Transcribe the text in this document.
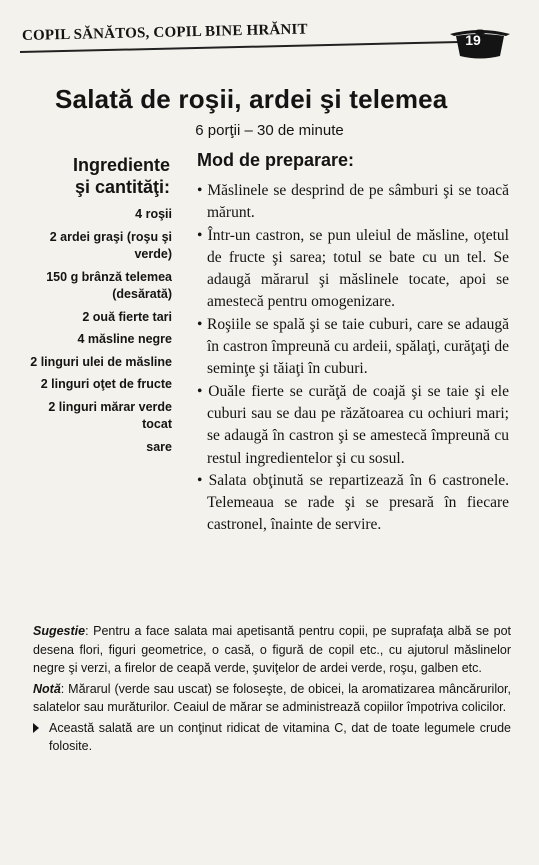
COPIL SĂNĂTOS, COPIL BINE HRĂNIT	19
Salată de roşii, ardei şi telemea
6 porţii – 30 de minute
Ingrediente
şi cantităţi:
4 roşii
2 ardei graşi (roşu şi verde)
150 g brânză telemea (desărată)
2 ouă fierte tari
4 măsline negre
2 linguri ulei de măsline
2 linguri oţet de fructe
2 linguri mărar verde tocat
sare
Mod de preparare:
• Măslinele se desprind de pe sâmburi şi se toacă mărunt.
• Într-un castron, se pun uleiul de măsline, oţetul de fructe şi sarea; totul se bate cu un tel. Se adaugă mărarul şi măslinele tocate, apoi se amestecă pentru omogenizare.
• Roşiile se spală şi se taie cuburi, care se adaugă în castron împreună cu ardeii, spălaţi, curăţaţi de seminţe şi tăiaţi în cuburi.
• Ouăle fierte se curăţă de coajă şi se taie şi ele cuburi sau se dau pe răzătoarea cu ochiuri mari; se adaugă în castron şi se amestecă împreună cu restul ingredientelor şi cu sosul.
• Salata obţinută se repartizează în 6 castronele. Telemeaua se rade şi se presară în fiecare castronel, înainte de servire.
Sugestie: Pentru a face salata mai apetisantă pentru copii, pe suprafaţa albă se pot desena flori, figuri geometrice, o casă, o figură de copil etc., cu ajutorul măslinelor negre şi verzi, a firelor de ceapă verde, şuviţelor de ardei verde, roşu, galben etc.
Notă: Mărarul (verde sau uscat) se foloseşte, de obicei, la aromatizarea mâncărurilor, salatelor sau murăturilor. Ceaiul de mărar se administrează copiilor împotriva colicilor.
Această salată are un conţinut ridicat de vitamina C, dat de toate legumele crude folosite.
